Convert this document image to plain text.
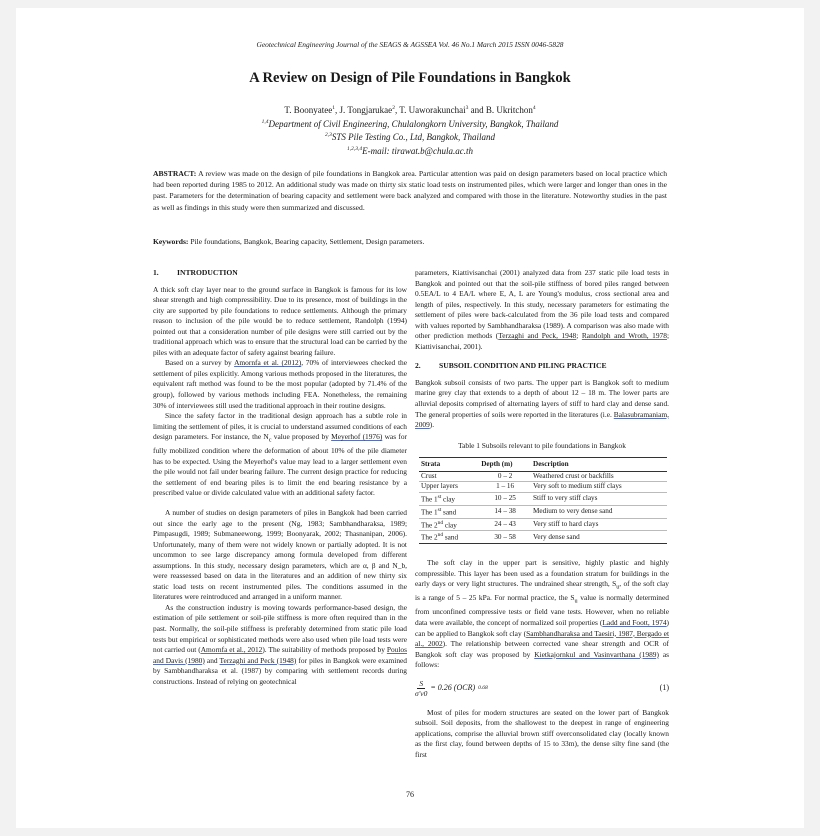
Geotechnical Engineering Journal of the SEAGS & AGSSEA Vol. 46 No.1 March 2015 ISSN 0046-5828
A Review on Design of Pile Foundations in Bangkok
T. Boonyatee$^1$, J. Tongjarukae$^2$, T. Uaworakunchai$^3$ and B. Ukritchon$^4$
$^{1,4}$Department of Civil Engineering, Chulalongkorn University, Bangkok, Thailand
$^{2,3}$STS Pile Testing Co., Ltd, Bangkok, Thailand
$^{1,2,3,4}$E-mail: tirawat.b@chula.ac.th
ABSTRACT: A review was made on the design of pile foundations in Bangkok area. Particular attention was paid on design parameters based on local practice which had been reported during 1985 to 2012. An additional study was made on thirty six static load tests on instrumented piles, which were larger and longer than ones in the past. Parameters for the determination of bearing capacity and settlement were back analyzed and compared with those in the literature. Noteworthy studies in the past as well as findings in this study were then summarized and discussed.
Keywords: Pile foundations, Bangkok, Bearing capacity, Settlement, Design parameters.

1. INTRODUCTION

A thick soft clay layer near to the ground surface in Bangkok is famous for its low shear strength and high compressibility. Due to its presence, most of buildings in the city are supported by pile foundations to reduce settlements. Although the primary reason to inclusion of the pile would be to reduce settlement, Randolph (1994) pointed out that a consideration number of pile designs were still carried out by the traditional approach which was to ensure that the structural load can be carried by the piles with an adequate factor of safety against bearing failure.

Based on a survey by Amornfa et al. (2012), 70% of interviewees checked the settlement of piles explicitly. Among various methods proposed in the literatures, the equivalent raft method was found to be the most popular (adopted by 71.4% of the group), followed by various methods including FEA. Nonetheless, the remaining 30% of interviewees still used the traditional approach in their routine designs.

Since the safety factor in the traditional design approach has a subtle role in limiting the settlement of piles, it is crucial to understand assumed conditions of each design parameters. For instance, the $N_c$ value proposed by Meyerhof (1976) was for fully mobilized condition where the deformation of about 10% of the pile diameter has to be expected. Using the Meyerhof's value may lead to a larger settlement even the pile would not fail under bearing failure. The current design practice for reducing the settlement of end bearing piles is to limit the end bearing resistance by a prescribed value or divide calculated value with an additional safety factor.

A number of studies on design parameters of piles in Bangkok had been carried out since the early age to the present (Ng, 1983; Sambhandharaksa, 1989; Pimpasugdi, 1989; Submaneewong, 1999; Boonyarak, 2002; Thasnanipan, 2006). Unfortunately, many of them were not widely known or partially adopted. It is not uncommon to see large discrepancy among formula developed from different assumptions. In this study, necessary design parameters, which are α, β and N_b, were reassessed based on data in the literatures and an addition of new thirty six static load tests on recent instrumented piles. The conditions assumed in the literatures were reintroduced and arranged in a uniform manner.

As the construction industry is moving towards performance-based design, the estimation of pile settlement or soil-pile stiffness is more often required than in the past. Normally, the soil-pile stiffness is preferably determined from static pile load tests but empirical or sophisticated methods were also used when pile load tests were not carried out (Amornfa et al., 2012). The suitability of methods proposed by Poulos and Davis (1980) and Terzaghi and Peck (1948) for piles in Bangkok were examined by Sambhandharaksa et al. (1987) by comparing with settlement records during constructions. Instead of relying on geotechnical

parameters, Kiattivisanchai (2001) analyzed data from 237 static pile load tests in Bangkok and pointed out that the soil-pile stiffness of bored piles ranged between 0.5EA/L to 4 EA/L where E, A, L are Young's modulus, cross sectional area and length of piles, respectively. In this study, necessary parameters for estimating the settlement of piles were back-calculated from the 36 pile load tests and compared with values reported by Sambhandharaksa (1989). A comparison was also made with other prediction methods (Terzaghi and Peck, 1948; Randolph and Wroth, 1978; Kiattivisanchai, 2001).

2. SUBSOIL CONDITION AND PILING PRACTICE

Bangkok subsoil consists of two parts. The upper part is Bangkok soft to medium marine grey clay that extends to a depth of about 12 – 18 m. The lower parts are alluvial deposits comprised of alternating layers of stiff to hard clay and dense sand. The general properties of soils were reported in the literatures (i.e. Balasubramaniam, 2009).

Table 1 Subsoils relevant to pile foundations in Bangkok

Strata	Depth (m)	Description
Crust	0 – 2	Weathered crust or backfills
Upper layers	1 – 16	Very soft to medium stiff clays
The 1st clay	10 – 25	Stiff to very stiff clays
The 1st sand	14 – 38	Medium to very dense sand
The 2nd clay	24 – 43	Very stiff to hard clays
The 2nd sand	30 – 58	Very dense sand

The soft clay in the upper part is sensitive, highly plastic and highly compressible. This layer has been used as a foundation stratum for buildings in the early days or very light structures. The undrained shear strength, $S_u$, of the soft clay is a range of 5 – 25 kPa. For normal practice, the $S_u$ value is normally determined from unconfined compressive tests or field vane tests. However, when no reliable data were available, the concept of normalized soil properties (Ladd and Foott, 1974) can be applied to Bangkok soft clay (Sambhandharaksa and Taesiri, 1987, Bergado et al., 2002). The relationship between corrected vane shear strength and OCR of Bangkok soft clay was proposed by Kietkajornkul and Vasinvarthana (1989) as follows:

$\frac{S}{\sigma'v0} = 0.26$ (OCR) 0.68	(1)

Most of piles for modern structures are seated on the lower part of Bangkok subsoil. Soil deposits, from the shallowest to the deepest in range of engineering applications, comprise the alluvial brown stiff overconsolidated clay (locally known as the first clay, found between depths of 15 to 33m), the dense silty fine sand (the first

76
